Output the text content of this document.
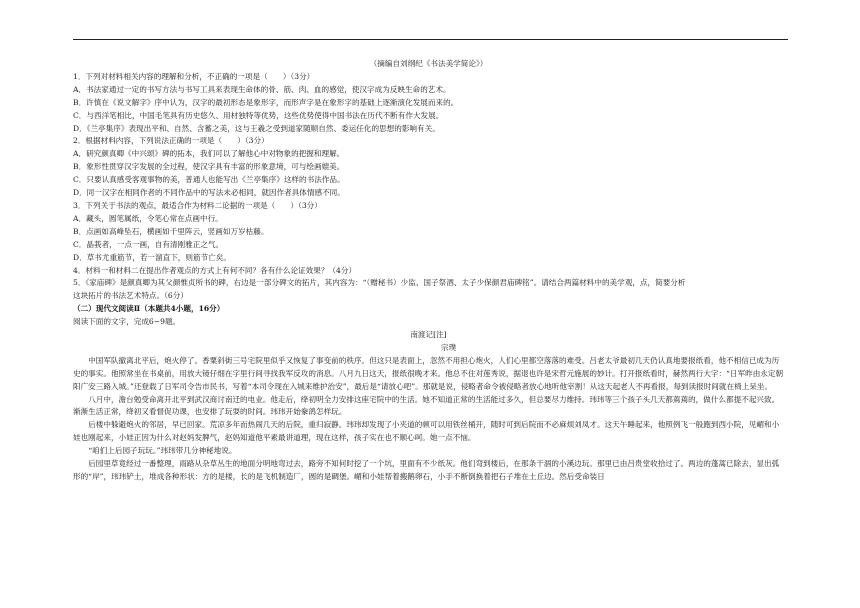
（摘编自刘纲纪《书法美学简论》）
1．下列对材料相关内容的理解和分析，不正确的一项是（　　）（3分）
A．书法家通过一定的书写方法与书写工具来表现生命体的骨、筋、肉、血的感觉，使汉字成为反映生命的艺术。
B．许慎在《说文解字》序中认为，汉字的最初形态是象形字，而形声字是在象形字的基础上逐渐演化发展而来的。
C．与西洋笔相比，中国毛笔具有历史悠久、用材独特等优势，这些优势使得中国书法在历代不断有作大发展。
D．《兰亭集序》表现出平和、自然、含蓄之美，这与王羲之受到道家随顺自然、委运任化的思想的影响有关。
2．根据材料内容，下列说法正确的一项是（　　）（3分）
A．研究颜真卿《中兴颂》碑的拓本，我们可以了解他心中对物象的把握和理解。
B．象形性贯穿汉字发展的全过程，使汉字具有丰富的形象意境，可与绘画媲美。
C．只要认真感受客观事物的美，普通人也能写出《兰亭集序》这样的书法作品。
D．同一汉字在相同作者的不同作品中的写法未必相同，就因作者具体情感不同。
3．下列关于书法的观点，最适合作为材料二论据的一项是（　　）（3分）
A．藏头，圆笔属纸，令笔心常在点画中行。
B．点画如高峰坠石，横画如千里阵云，竖画如万岁枯藤。
C．晶莪者，一点一画，自有清刚雅正之气。
D．草书尤重筋节，若一溜直下，则筋节亡矣。
4．材料一和材料二在提出作者观点的方式上有何不同？各有什么论证效果？（4分）
5．《家庙碑》是颜真卿为其父颜惟贞所书的碑，右边是一部分碑文的拓片，其内容为：“（赠秘书）少监、国子祭酒、太子少保颜君庙碑铭”。请结合两篇材料中的美学观，点，简要分析
这块拓片的书法艺术特点。（6分）
（二）现代文阅读Ⅱ（本题共4小题，16分）
阅读下面的文字，完成6~9题。
南渡记[注]
宗璞
中国军队撤离北平后，炮火停了。香粟斜街三号宅院里似乎又恢复了事变前的秩序。但这只是表面上，忽然不用担心炮火，人们心里都空落落的难受。吕老太爷最初几天仍认真地要报纸看，他不相信已成为历史的事实。他照常坐在书桌前，用放大镜仔细在字里行间寻找我军反攻的消息。八月九日这天，报纸很晚才来。他总不住对莲秀说，据退也许是宋哲元施展的妙计。打开报纸看时，赫然两行大字：“日军昨由永定朝阳广安三路入城。”还登载了日军司令告市民书，写着“本司令现在入城来维护治安”，最后是“请放心吧”。那就是说，侵略者命令被侵略者放心地听他宰割！从这天起老人不再看报，每到读报时间就在椅上呆坐。
八月中，澹台勉受命离开北平到武汉商讨南迁的电业。他走后，绛初明全力安排这座宅院中的生活。她不知道正常的生活能过多久，但总要尽力维持。玮玮等三个孩子头几天都蔫蔫的，做什么都提不起兴致。渐渐生活正常，绛初又看督促功课，也安排了玩耍的时间。玮玮开始豢鸽怎样玩。
后楼中躲避炮火的邻居，早已回家。荒凉多年而热闹几天的后院，重归寂静。玮玮却发现了小夹道的顿可以用铁丝桶开，随时可到后院而不必麻烦刘凤才。这天午睡起来，他照例飞一般跑到西小院，见嵋和小娃也刚起来，小娃正因为什么对赵妈发脾气，赵妈知道他平素最讲道理，现在这样，孩子实在也不顺心呵。她一点不恼。
“咱们上后园子玩玩。”玮玮带几分神秘地说。
后园里草竟经过一番整理，雨路从杂草丛生的地面分明地弯过去，路旁不知何时挖了一个坑，里面有不少纸灰。他们弯到楼后，在那条干涸的小溪边玩。那里已由吕贵堂收拾过了。两边的蓬蒿已除去，显出弧形的“岸”，玮玮铲土，堆成各种形状：方的是楼，长的是飞机制造厂，圆的是碉堡。嵋和小娃帮着搬鹅卵石，小手不断倒换着把石子堆在土丘边。然后受命装日
